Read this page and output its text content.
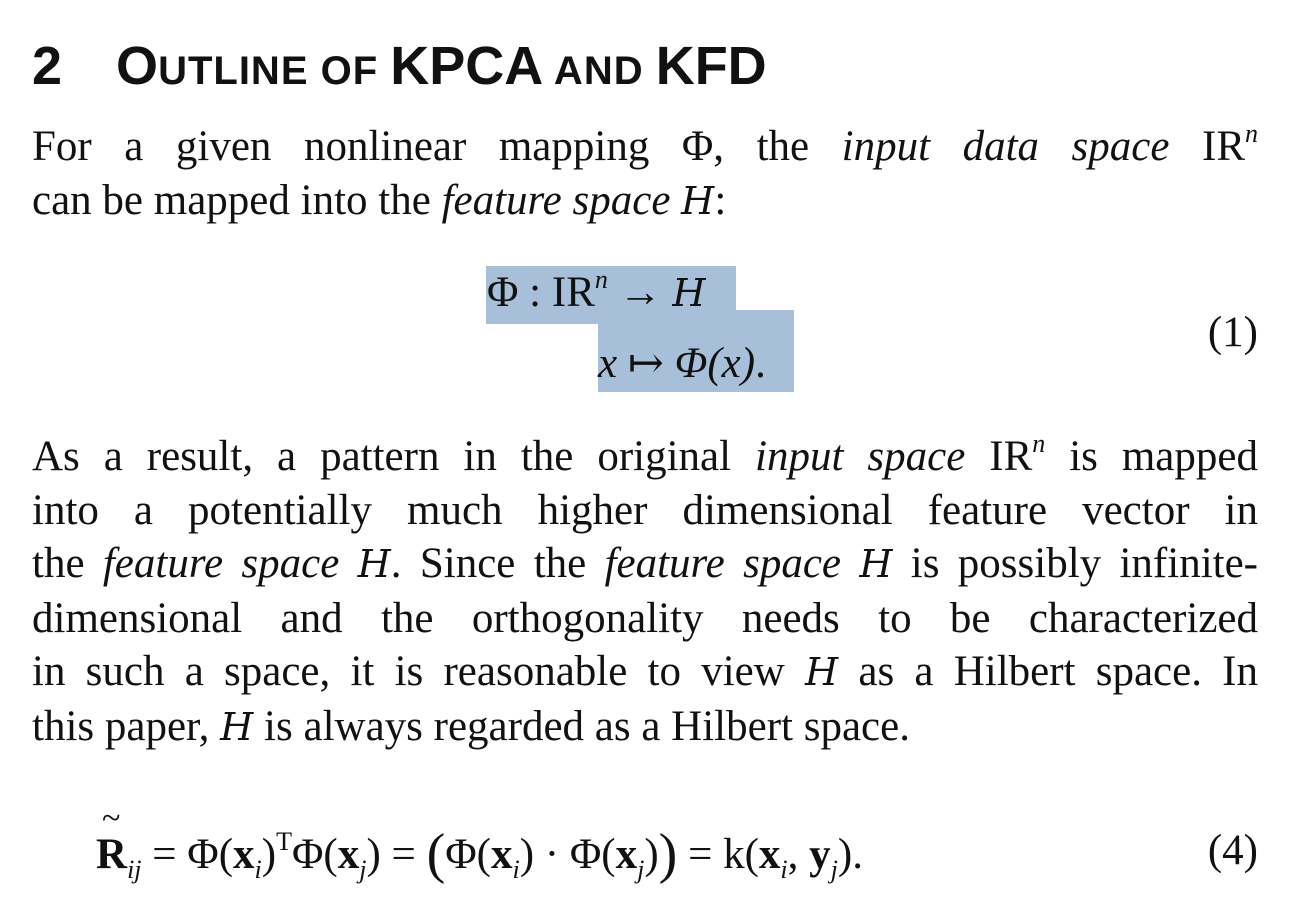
2 OUTLINE OF KPCA AND KFD
For a given nonlinear mapping Φ, the input data space $IR^n$
can be mapped into the feature space H:
Φ : $IR^n \to H$
x ↦ Φ(x).
(1)
As a result, a pattern in the original input space $IR^n$ is mapped
into a potentially much higher dimensional feature vector in
the feature space H. Since the feature space H is possibly infinite-
dimensional and the orthogonality needs to be characterized
in such a space, it is reasonable to view H as a Hilbert space. In
this paper, H is always regarded as a Hilbert space.
~ $R_{ij} = \Phi(x_i)^T\Phi(x_j) = (\Phi(x_i) \cdot \Phi(x_j)) = k(x_i$, $y_j$).	(4)
